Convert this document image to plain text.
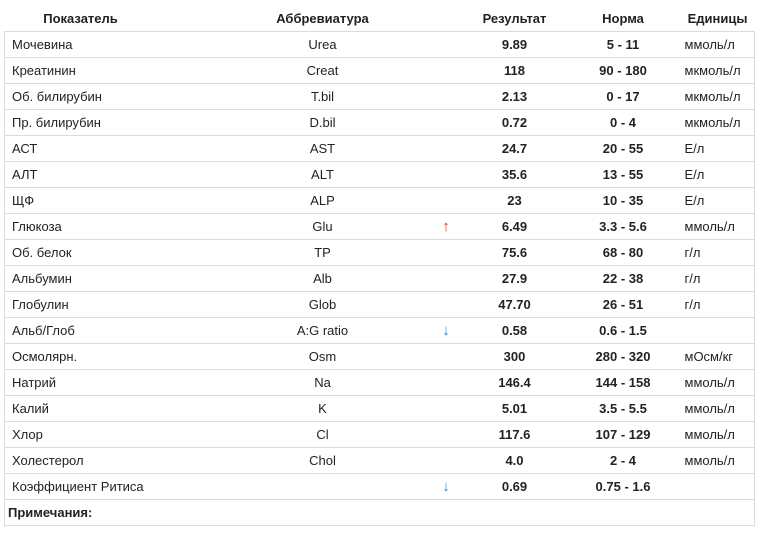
Показатель	Аббревиатура		Результат	Норма	Единицы
Мочевина	Urea		9.89	5 - 11	ммоль/л
Креатинин	Creat		118	90 - 180	мкмоль/л
Об. билирубин	T.bil		2.13	0 - 17	мкмоль/л
Пр. билирубин	D.bil		0.72	0 - 4	мкмоль/л
АСТ	AST		24.7	20 - 55	Е/л
АЛТ	ALT		35.6	13 - 55	Е/л
ЩФ	ALP		23	10 - 35	Е/л
Глюкоза	Glu	↑	6.49	3.3 - 5.6	ммоль/л
Об. белок	TP		75.6	68 - 80	г/л
Альбумин	Alb		27.9	22 - 38	г/л
Глобулин	Glob		47.70	26 - 51	г/л
Альб/Глоб	A:G ratio	↓	0.58	0.6 - 1.5	
Осмолярн.	Osm		300	280 - 320	мОсм/кг
Натрий	Na		146.4	144 - 158	ммоль/л
Калий	K		5.01	3.5 - 5.5	ммоль/л
Хлор	Cl		117.6	107 - 129	ммоль/л
Холестерол	Chol		4.0	2 - 4	ммоль/л
Коэффициент Ритиса		↓	0.69	0.75 - 1.6	
Примечания:
